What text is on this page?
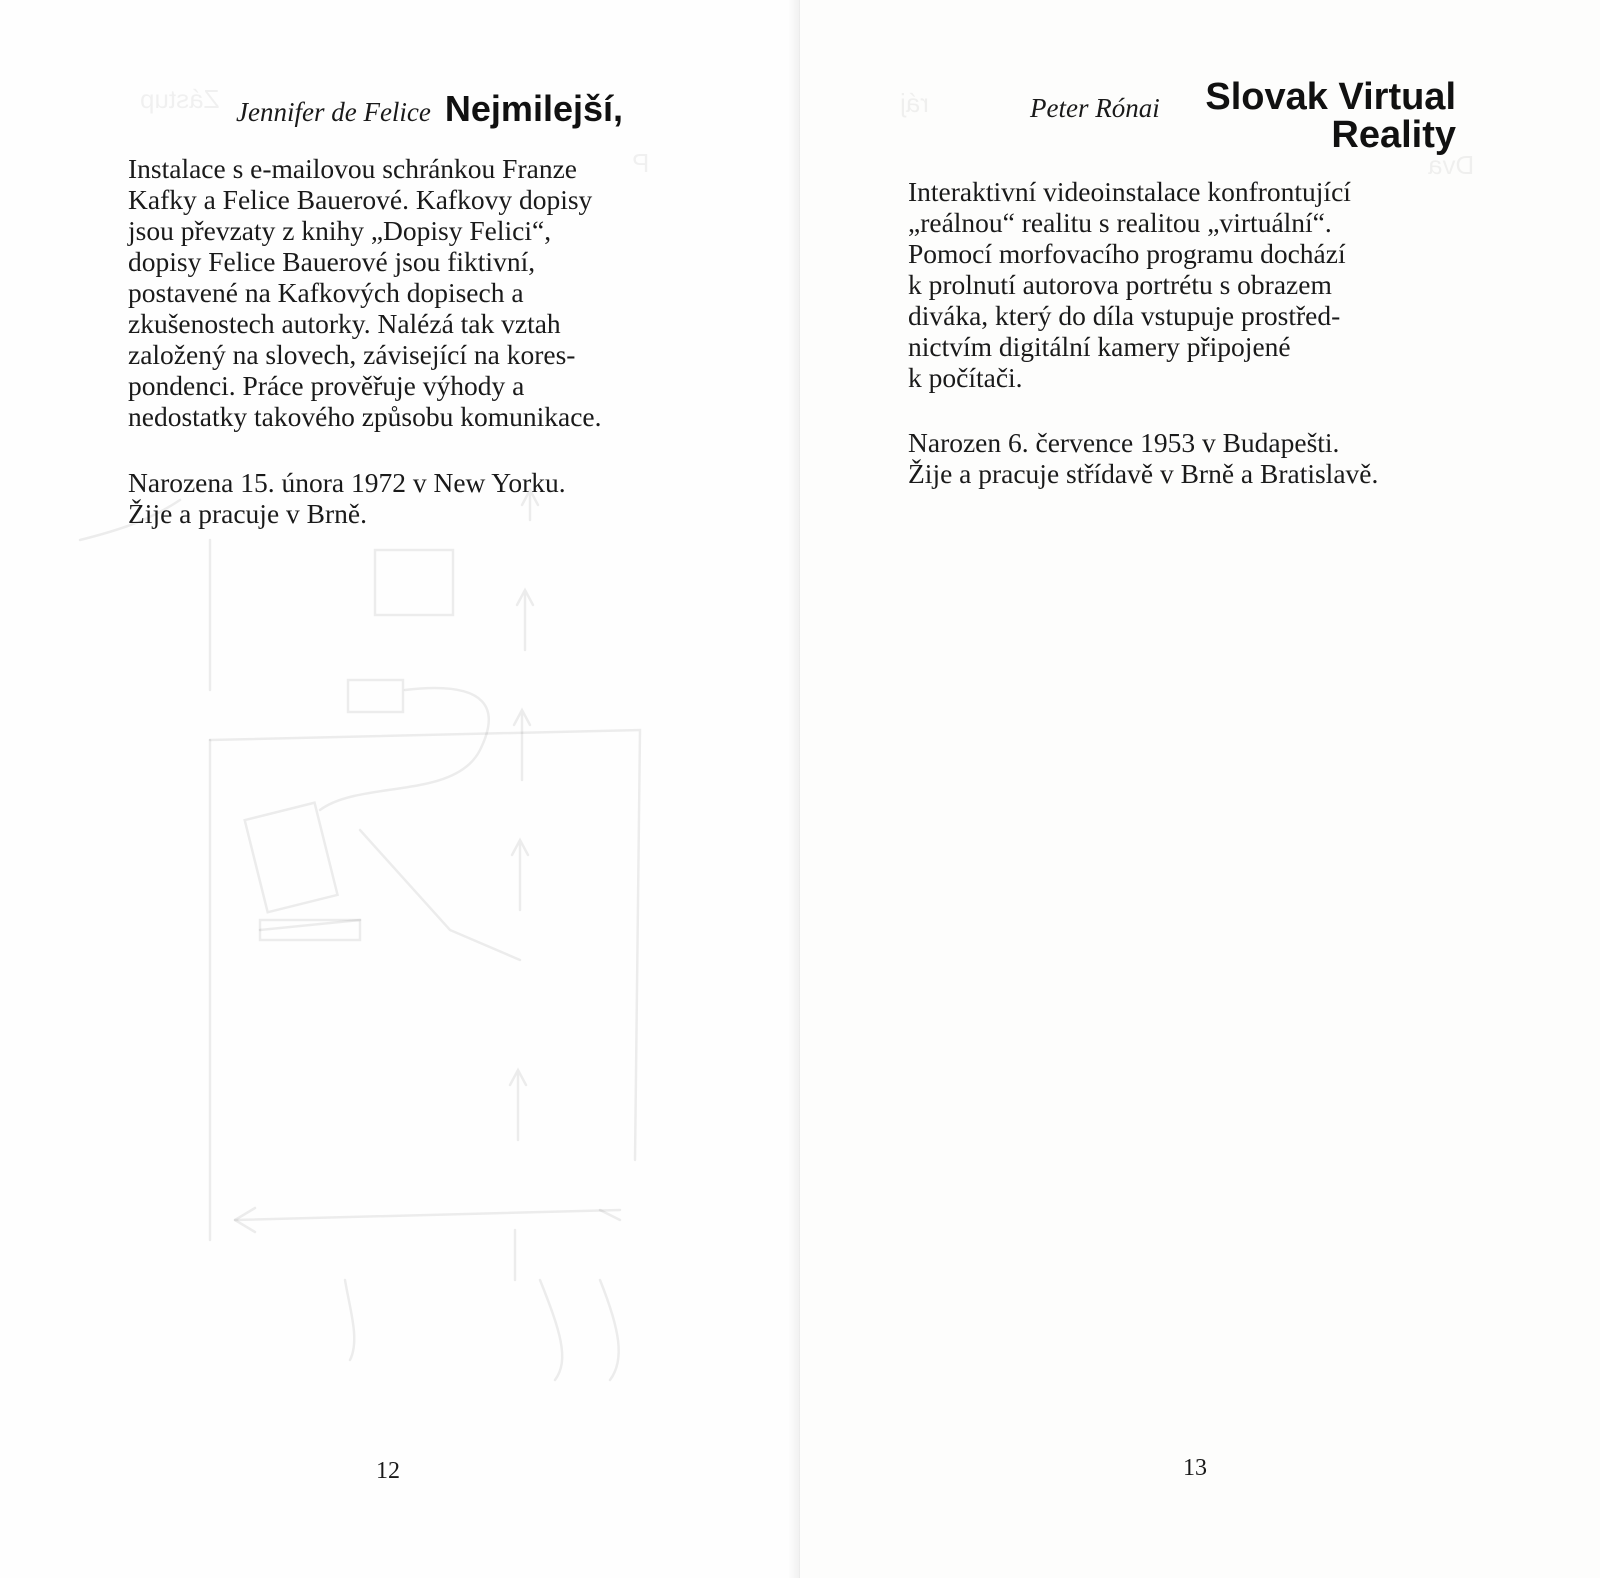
Zástup
P
Jennifer de Felice Nejmilejší,

Instalace s e-mailovou schránkou Franze
Kafky a Felice Bauerové. Kafkovy dopisy
jsou převzaty z knihy „Dopisy Felici“,
dopisy Felice Bauerové jsou fiktivní,
postavené na Kafkových dopisech a
zkušenostech autorky. Nalézá tak vztah
založený na slovech, závisející na kores-
pondenci. Práce prověřuje výhody a
nedostatky takového způsobu komunikace.

Narozena 15. února 1972 v New Yorku.
Žije a pracuje v Brně.

12
ráj
Dva
Peter Rónai Slovak Virtual
Reality

Interaktivní videoinstalace konfrontující
„reálnou“ realitu s realitou „virtuální“.
Pomocí morfovacího programu dochází
k prolnutí autorova portrétu s obrazem
diváka, který do díla vstupuje prostřed-
nictvím digitální kamery připojené
k počítači.

Narozen 6. července 1953 v Budapešti.
Žije a pracuje střídavě v Brně a Bratislavě.

13
